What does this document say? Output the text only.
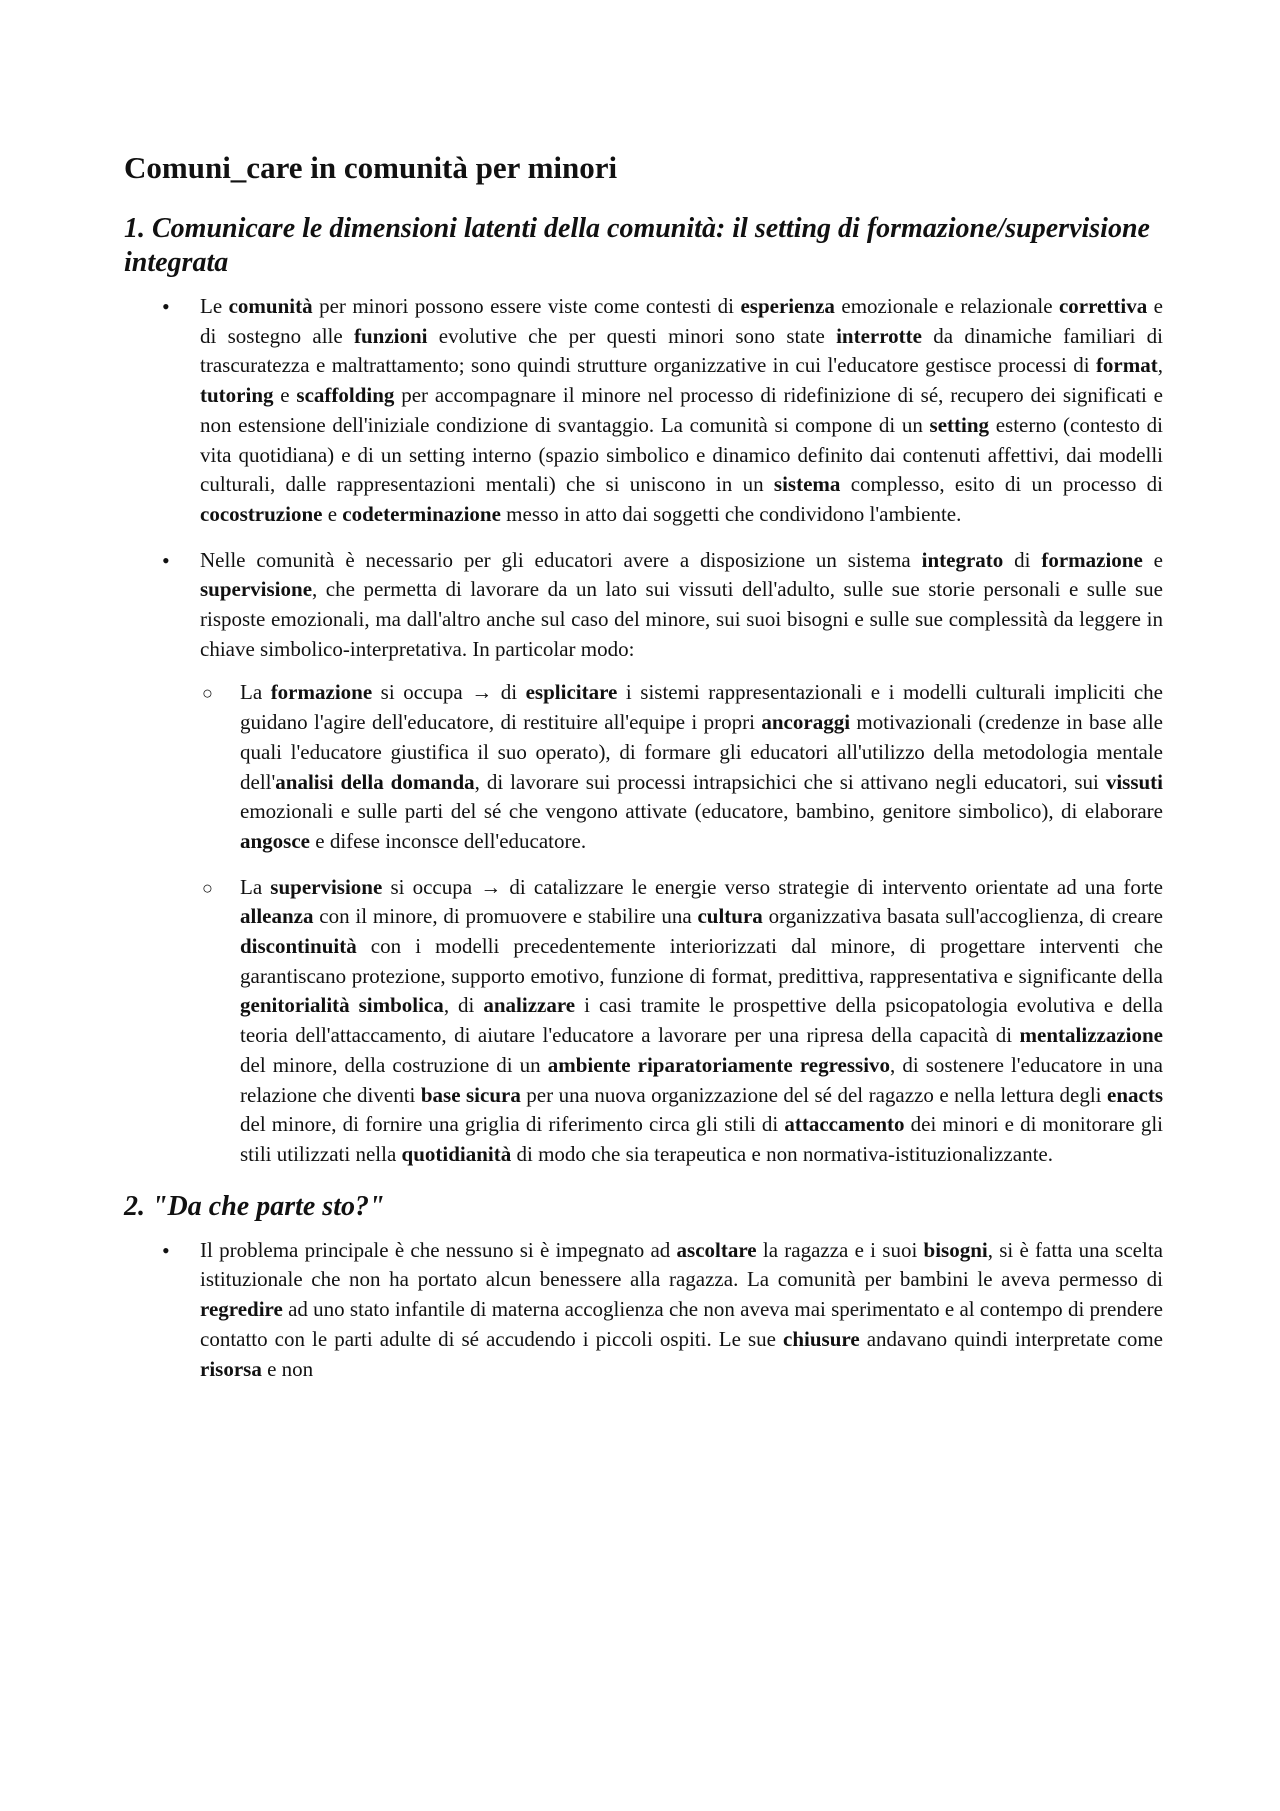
Comuni_care in comunità per minori
1. Comunicare le dimensioni latenti della comunità: il setting di formazione/supervisione integrata
• Le comunità per minori possono essere viste come contesti di esperienza emozionale e relazionale correttiva e di sostegno alle funzioni evolutive che per questi minori sono state interrotte da dinamiche familiari di trascuratezza e maltrattamento; sono quindi strutture organizzative in cui l'educatore gestisce processi di format, tutoring e scaffolding per accompagnare il minore nel processo di ridefinizione di sé, recupero dei significati e non estensione dell'iniziale condizione di svantaggio. La comunità si compone di un setting esterno (contesto di vita quotidiana) e di un setting interno (spazio simbolico e dinamico definito dai contenuti affettivi, dai modelli culturali, dalle rappresentazioni mentali) che si uniscono in un sistema complesso, esito di un processo di cocostruzione e codeterminazione messo in atto dai soggetti che condividono l'ambiente.

• Nelle comunità è necessario per gli educatori avere a disposizione un sistema integrato di formazione e supervisione, che permetta di lavorare da un lato sui vissuti dell'adulto, sulle sue storie personali e sulle sue risposte emozionali, ma dall'altro anche sul caso del minore, sui suoi bisogni e sulle sue complessità da leggere in chiave simbolico-interpretativa. In particolar modo:

○ La formazione si occupa → di esplicitare i sistemi rappresentazionali e i modelli culturali impliciti che guidano l'agire dell'educatore, di restituire all'equipe i propri ancoraggi motivazionali (credenze in base alle quali l'educatore giustifica il suo operato), di formare gli educatori all'utilizzo della metodologia mentale dell'analisi della domanda, di lavorare sui processi intrapsichici che si attivano negli educatori, sui vissuti emozionali e sulle parti del sé che vengono attivate (educatore, bambino, genitore simbolico), di elaborare angosce e difese inconsce dell'educatore.

○ La supervisione si occupa → di catalizzare le energie verso strategie di intervento orientate ad una forte alleanza con il minore, di promuovere e stabilire una cultura organizzativa basata sull'accoglienza, di creare discontinuità con i modelli precedentemente interiorizzati dal minore, di progettare interventi che garantiscano protezione, supporto emotivo, funzione di format, predittiva, rappresentativa e significante della genitorialità simbolica, di analizzare i casi tramite le prospettive della psicopatologia evolutiva e della teoria dell'attaccamento, di aiutare l'educatore a lavorare per una ripresa della capacità di mentalizzazione del minore, della costruzione di un ambiente riparatoriamente regressivo, di sostenere l'educatore in una relazione che diventi base sicura per una nuova organizzazione del sé del ragazzo e nella lettura degli enacts del minore, di fornire una griglia di riferimento circa gli stili di attaccamento dei minori e di monitorare gli stili utilizzati nella quotidianità di modo che sia terapeutica e non normativa-istituzionalizzante.

2. "Da che parte sto?"
• Il problema principale è che nessuno si è impegnato ad ascoltare la ragazza e i suoi bisogni, si è fatta una scelta istituzionale che non ha portato alcun benessere alla ragazza. La comunità per bambini le aveva permesso di regredire ad uno stato infantile di materna accoglienza che non aveva mai sperimentato e al contempo di prendere contatto con le parti adulte di sé accudendo i piccoli ospiti. Le sue chiusure andavano quindi interpretate come risorsa e non
